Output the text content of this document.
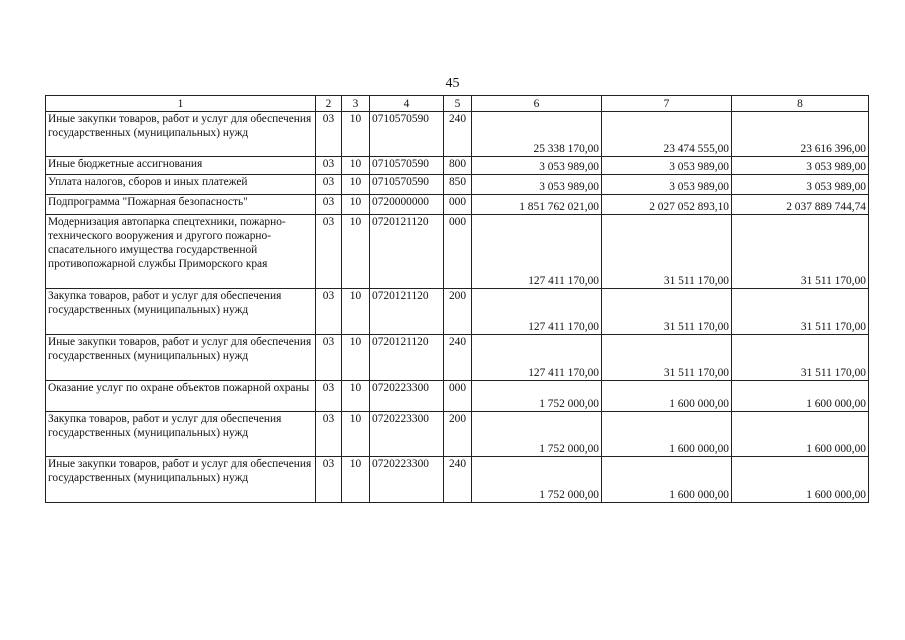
45
1	2	3	4	5	6	7	8
Иные закупки товаров, работ и услуг для обеспечения государственных (муниципальных) нужд	03	10	0710570590	240	25 338 170,00	23 474 555,00	23 616 396,00
Иные бюджетные ассигнования	03	10	0710570590	800	3 053 989,00	3 053 989,00	3 053 989,00
Уплата налогов, сборов и иных платежей	03	10	0710570590	850	3 053 989,00	3 053 989,00	3 053 989,00
Подпрограмма "Пожарная безопасность"	03	10	0720000000	000	1 851 762 021,00	2 027 052 893,10	2 037 889 744,74
Модернизация автопарка спецтехники, пожарно-технического вооружения и другого пожарно-спасательного имущества государственной противопожарной службы Приморского края	03	10	0720121120	000	127 411 170,00	31 511 170,00	31 511 170,00
Закупка товаров, работ и услуг для обеспечения государственных (муниципальных) нужд	03	10	0720121120	200	127 411 170,00	31 511 170,00	31 511 170,00
Иные закупки товаров, работ и услуг для обеспечения государственных (муниципальных) нужд	03	10	0720121120	240	127 411 170,00	31 511 170,00	31 511 170,00
Оказание услуг по охране объектов пожарной охраны	03	10	0720223300	000	1 752 000,00	1 600 000,00	1 600 000,00
Закупка товаров, работ и услуг для обеспечения государственных (муниципальных) нужд	03	10	0720223300	200	1 752 000,00	1 600 000,00	1 600 000,00
Иные закупки товаров, работ и услуг для обеспечения государственных (муниципальных) нужд	03	10	0720223300	240	1 752 000,00	1 600 000,00	1 600 000,00
